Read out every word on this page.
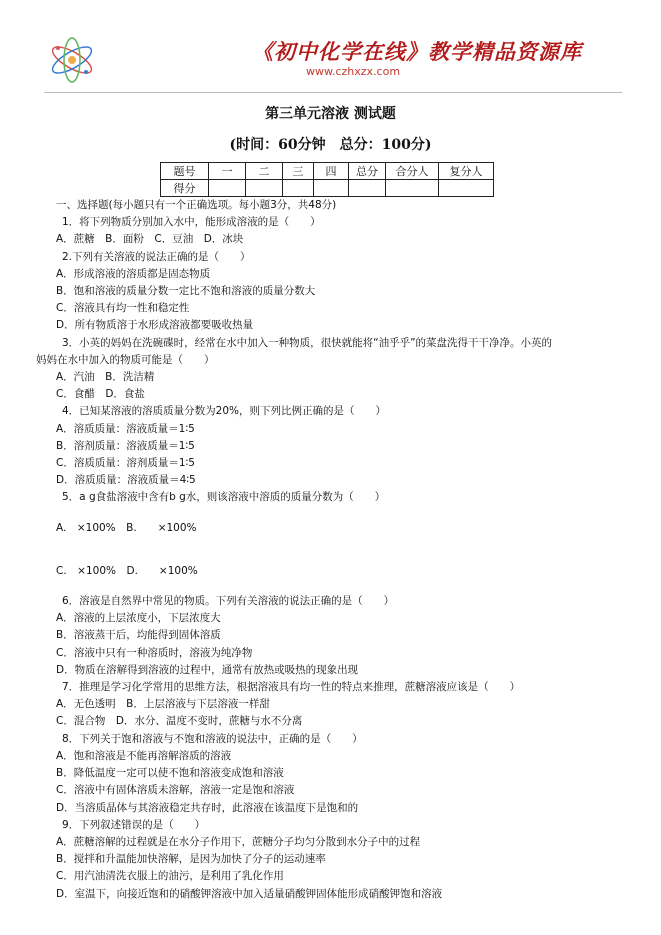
《初中化学在线》教学精品资源库
www.czhxzx.com
第三单元溶液 测试题
(时间：60分钟　总分：100分)
题号	一	二	三	四	总分	合分人	复分人
得分							
一、选择题(每小题只有一个正确选项。每小题3分，共48分)
1．将下列物质分别加入水中，能形成溶液的是（　　）
A．蔗糖　B．面粉　C．豆油　D．冰块
2.下列有关溶液的说法正确的是（　　）
A．形成溶液的溶质都是固态物质
B．饱和溶液的质量分数一定比不饱和溶液的质量分数大
C．溶液具有均一性和稳定性
D．所有物质溶于水形成溶液都要吸收热量
3．小英的妈妈在洗碗碟时，经常在水中加入一种物质，很快就能将“油乎乎”的菜盘洗得干干净净。小英的
妈妈在水中加入的物质可能是（　　）
A．汽油　B．洗洁精
C．食醋　D．食盐
4．已知某溶液的溶质质量分数为20%，则下列比例正确的是（　　）
A．溶质质量：溶液质量＝1∶5
B．溶剂质量：溶液质量＝1∶5
C．溶质质量：溶剂质量＝1∶5
D．溶质质量：溶液质量＝4∶5
5．a g食盐溶液中含有b g水，则该溶液中溶质的质量分数为（　　）
A.　×100%　B.　　×100%
C.　×100%　D.　　×100%
6．溶液是自然界中常见的物质。下列有关溶液的说法正确的是（　　）
A．溶液的上层浓度小，下层浓度大
B．溶液蒸干后，均能得到固体溶质
C．溶液中只有一种溶质时，溶液为纯净物
D．物质在溶解得到溶液的过程中，通常有放热或吸热的现象出现
7．推理是学习化学常用的思维方法，根据溶液具有均一性的特点来推理，蔗糖溶液应该是（　　）
A．无色透明　B．上层溶液与下层溶液一样甜
C．混合物　D．水分、温度不变时，蔗糖与水不分离
8．下列关于饱和溶液与不饱和溶液的说法中，正确的是（　　）
A．饱和溶液是不能再溶解溶质的溶液
B．降低温度一定可以使不饱和溶液变成饱和溶液
C．溶液中有固体溶质未溶解，溶液一定是饱和溶液
D．当溶质晶体与其溶液稳定共存时，此溶液在该温度下是饱和的
9．下列叙述错误的是（　　）
A．蔗糖溶解的过程就是在水分子作用下，蔗糖分子均匀分散到水分子中的过程
B．搅拌和升温能加快溶解，是因为加快了分子的运动速率
C．用汽油清洗衣服上的油污，是利用了乳化作用
D．室温下，向接近饱和的硝酸钾溶液中加入适量硝酸钾固体能形成硝酸钾饱和溶液
